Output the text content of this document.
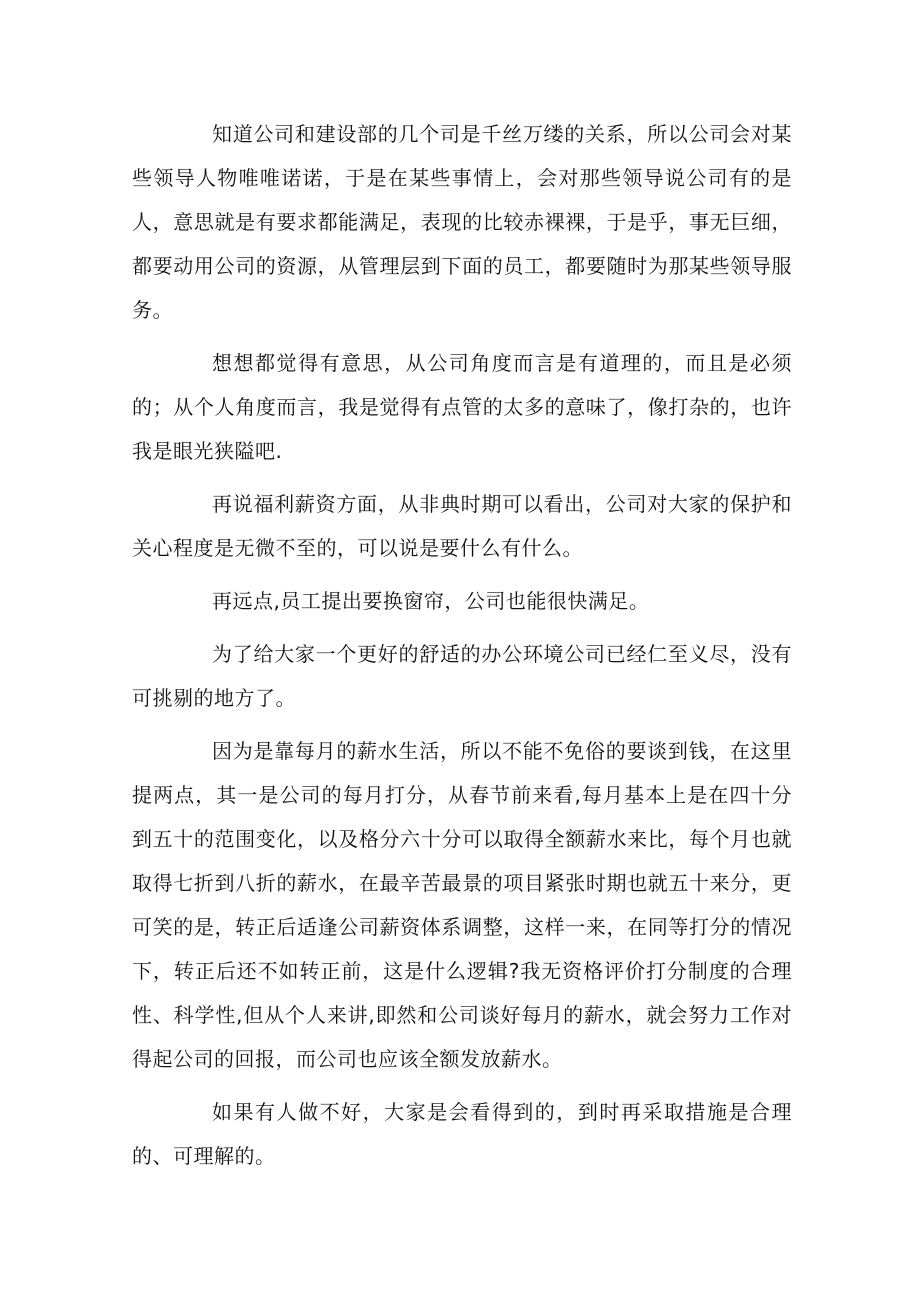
知道公司和建设部的几个司是千丝万缕的关系，所以公司会对某些领导人物唯唯诺诺，于是在某些事情上，会对那些领导说公司有的是人，意思就是有要求都能满足，表现的比较赤裸裸，于是乎，事无巨细，都要动用公司的资源，从管理层到下面的员工，都要随时为那某些领导服务。

想想都觉得有意思，从公司角度而言是有道理的，而且是必须的；从个人角度而言，我是觉得有点管的太多的意味了，像打杂的，也许我是眼光狭隘吧.

再说福利薪资方面，从非典时期可以看出，公司对大家的保护和关心程度是无微不至的，可以说是要什么有什么。

再远点,员工提出要换窗帘，公司也能很快满足。

为了给大家一个更好的舒适的办公环境公司已经仁至义尽，没有可挑剔的地方了。

因为是靠每月的薪水生活，所以不能不免俗的要谈到钱，在这里提两点，其一是公司的每月打分，从春节前来看,每月基本上是在四十分到五十的范围变化，以及格分六十分可以取得全额薪水来比，每个月也就取得七折到八折的薪水，在最辛苦最景的项目紧张时期也就五十来分，更可笑的是，转正后适逢公司薪资体系调整，这样一来，在同等打分的情况下，转正后还不如转正前，这是什么逻辑?我无资格评价打分制度的合理性、科学性,但从个人来讲,即然和公司谈好每月的薪水，就会努力工作对得起公司的回报，而公司也应该全额发放薪水。

如果有人做不好，大家是会看得到的，到时再采取措施是合理的、可理解的。
